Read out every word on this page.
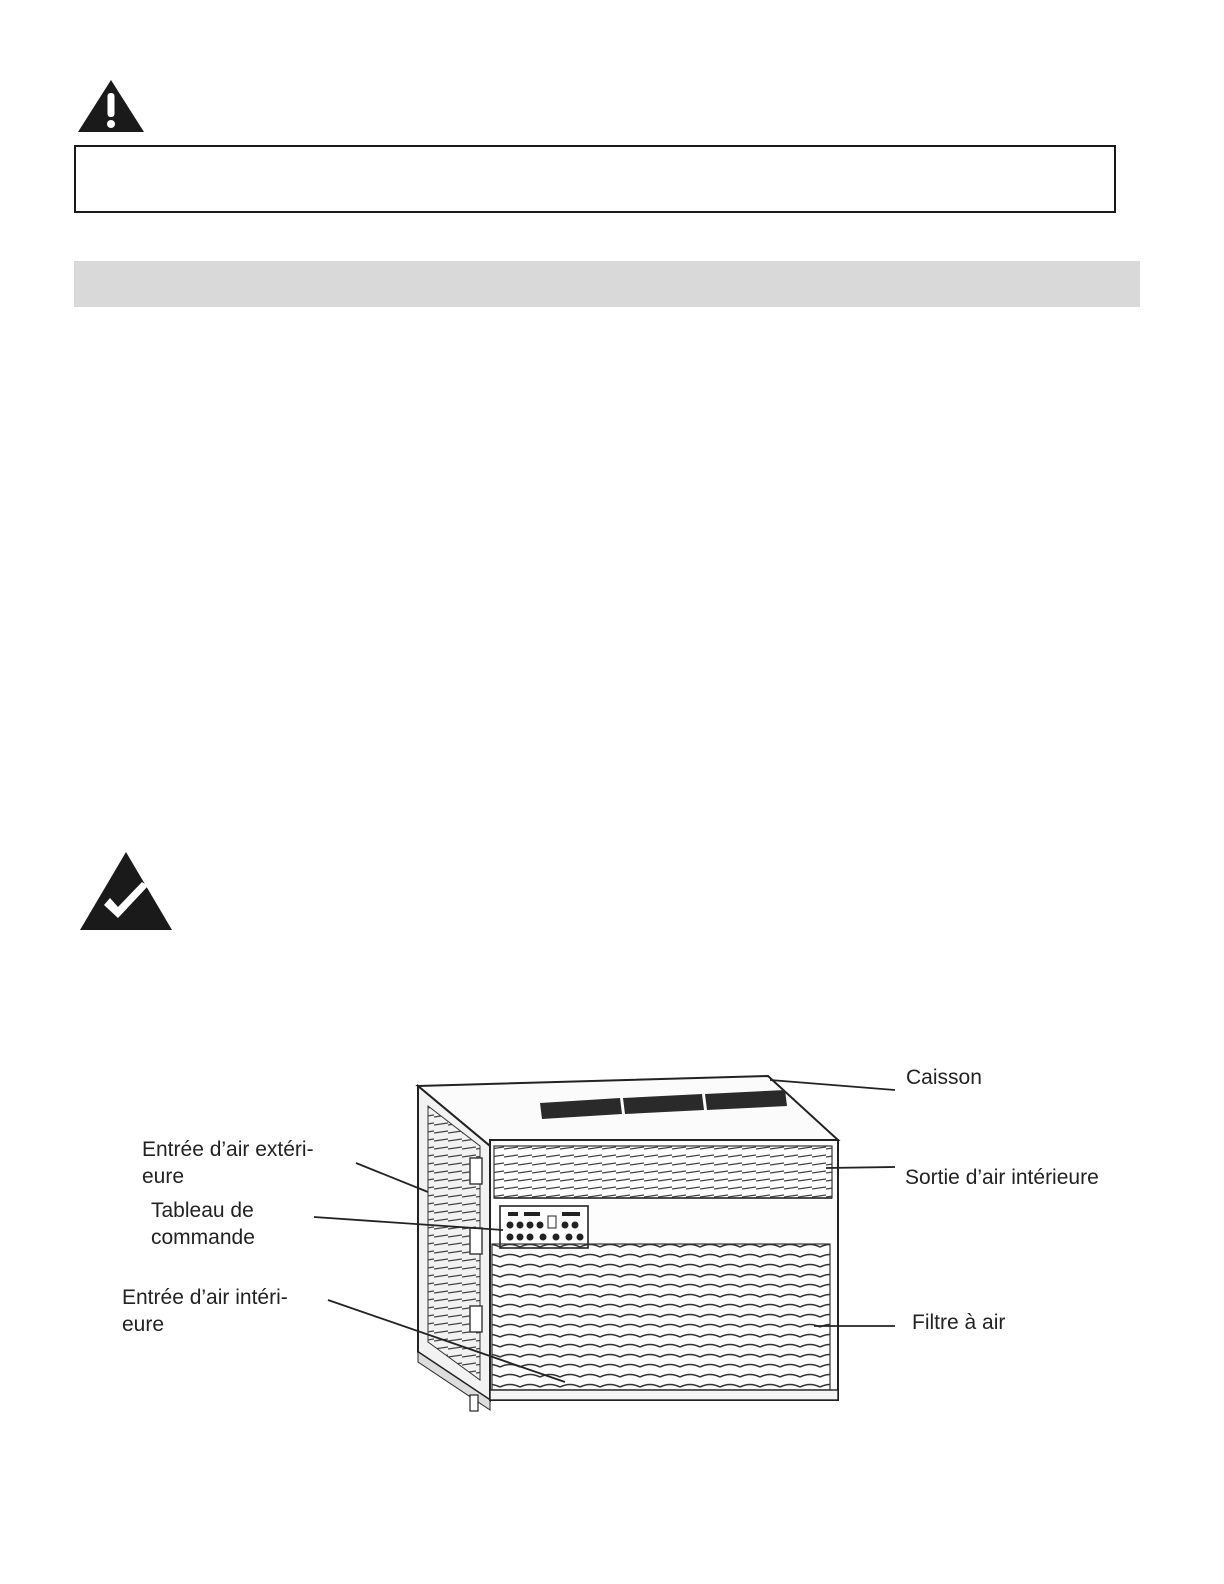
Caisson
Entrée d’air extéri-
eure
Tableau de
commande
Entrée d’air intéri-
eure
Sortie d’air intérieure
Filtre à air
